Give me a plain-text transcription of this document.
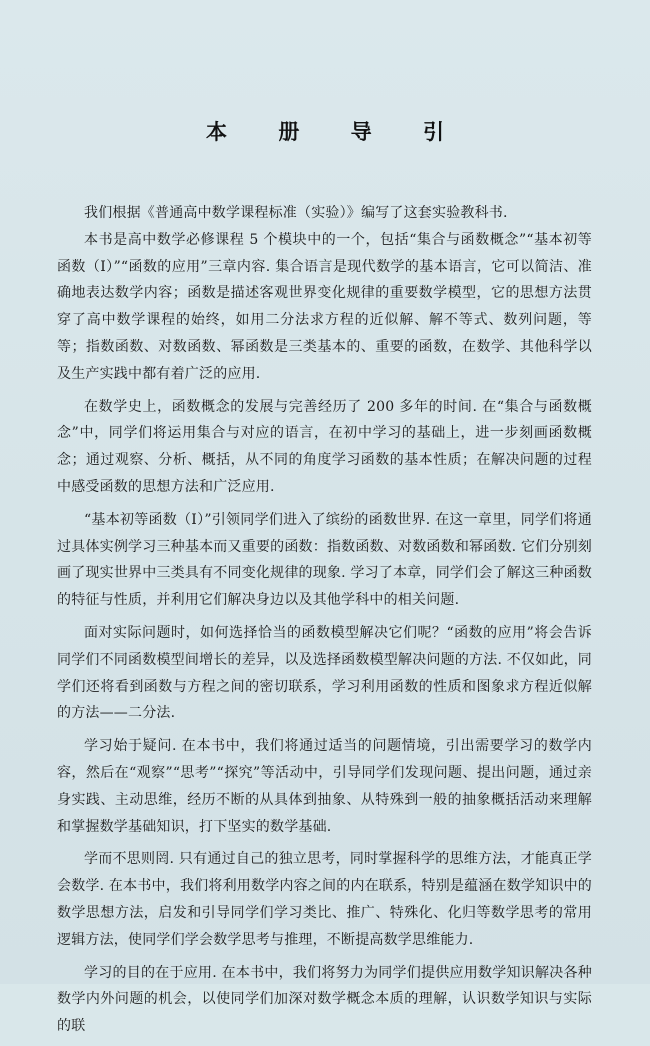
本 册 导 引

我们根据《普通高中数学课程标准（实验）》编写了这套实验教科书.

本书是高中数学必修课程 5 个模块中的一个，包括“集合与函数概念”“基本初等函数（Ⅰ）”“函数的应用”三章内容. 集合语言是现代数学的基本语言，它可以简洁、准确地表达数学内容；函数是描述客观世界变化规律的重要数学模型，它的思想方法贯穿了高中数学课程的始终，如用二分法求方程的近似解、解不等式、数列问题，等等；指数函数、对数函数、幂函数是三类基本的、重要的函数，在数学、其他科学以及生产实践中都有着广泛的应用.

在数学史上，函数概念的发展与完善经历了 200 多年的时间. 在“集合与函数概念”中，同学们将运用集合与对应的语言，在初中学习的基础上，进一步刻画函数概念；通过观察、分析、概括，从不同的角度学习函数的基本性质；在解决问题的过程中感受函数的思想方法和广泛应用.

“基本初等函数（Ⅰ）”引领同学们进入了缤纷的函数世界. 在这一章里，同学们将通过具体实例学习三种基本而又重要的函数：指数函数、对数函数和幂函数. 它们分别刻画了现实世界中三类具有不同变化规律的现象. 学习了本章，同学们会了解这三种函数的特征与性质，并利用它们解决身边以及其他学科中的相关问题.

面对实际问题时，如何选择恰当的函数模型解决它们呢？“函数的应用”将会告诉同学们不同函数模型间增长的差异，以及选择函数模型解决问题的方法. 不仅如此，同学们还将看到函数与方程之间的密切联系，学习利用函数的性质和图象求方程近似解的方法——二分法.

学习始于疑问. 在本书中，我们将通过适当的问题情境，引出需要学习的数学内容，然后在“观察”“思考”“探究”等活动中，引导同学们发现问题、提出问题，通过亲身实践、主动思维，经历不断的从具体到抽象、从特殊到一般的抽象概括活动来理解和掌握数学基础知识，打下坚实的数学基础.

学而不思则罔. 只有通过自己的独立思考，同时掌握科学的思维方法，才能真正学会数学. 在本书中，我们将利用数学内容之间的内在联系，特别是蕴涵在数学知识中的数学思想方法，启发和引导同学们学习类比、推广、特殊化、化归等数学思考的常用逻辑方法，使同学们学会数学思考与推理，不断提高数学思维能力.

学习的目的在于应用. 在本书中，我们将努力为同学们提供应用数学知识解决各种数学内外问题的机会，以使同学们加深对数学概念本质的理解，认识数学知识与实际的联
